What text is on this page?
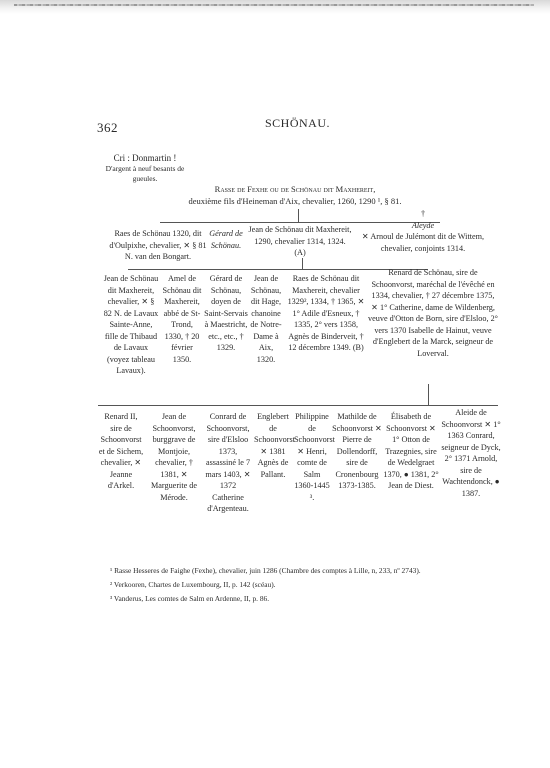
362	SCHÖNAU.
Cri : Donmartin !
D'argent à neuf besants de gueules.
Rasse de Fexhe ou de Schönau dit Maxhereit,
deuxième fils d'Heineman d'Aix, chevalier, 1260, 1290 ¹, § 81.
Raes de Schönau 1320, dit d'Oulpixhe, chevalier, ✕ § 81 N. van den Bongart.
Gérard de Schönau.
Jean de Schönau dit Maxhereit, 1290, chevalier 1314, 1324. (A)
†
Aleyde
✕ Arnoul de Julémont dit de Wittem, chevalier, conjoints 1314.
Jean de Schönau dit Maxhereit, chevalier, ✕ § 82 N. de Lavaux Sainte-Anne, fille de Thibaud de Lavaux (voyez tableau Lavaux).
Amel de Schönau dit Maxhereit, abbé de St-Trond, 1330, † 20 février 1350.
Gérard de Schönau, doyen de Saint-Servais à Maestricht, etc., etc., † 1329.
Jean de Schönau, dit Hage, chanoine de Notre-Dame à Aix, 1320.
Raes de Schönau dit Maxhereit, chevalier 1329², 1334, † 1365, ✕ 1° Adile d'Esneux, † 1335, 2° vers 1358, Agnès de Binderveit, † 12 décembre 1349. (B)
Renard de Schönau, sire de Schoonvorst, maréchal de l'évêché en 1334, chevalier, † 27 décembre 1375, ✕ 1° Catherine, dame de Wildenberg, veuve d'Otton de Born, sire d'Elsloo, 2° vers 1370 Isabelle de Hainut, veuve d'Englebert de la Marck, seigneur de Loverval.
Renard II, sire de Schoonvorst et de Sichem, chevalier, ✕ Jeanne d'Arkel.
Jean de Schoonvorst, burggrave de Montjoie, chevalier, † 1381, ✕ Marguerite de Mérode.
Conrard de Schoonvorst, sire d'Elsloo 1373, assassiné le 7 mars 1403, ✕ 1372 Catherine d'Argenteau.
Englebert de Schoonvorst ✕ 1381 Agnès de Pallant.
Philippine de Schoonvorst ✕ Henri, comte de Salm 1360-1445 ³.
Mathilde de Schoonvorst ✕ Pierre de Dollendorff, sire de Cronenbourg 1373-1385.
Élisabeth de Schoonvorst ✕ 1° Otton de Trazegnies, sire de Wedelgraet 1370, ● 1381, 2° Jean de Diest.
Aleide de Schoonvorst ✕ 1° 1363 Conrard, seigneur de Dyck, 2° 1371 Arnold, sire de Wachtendonck, ● 1387.
¹ Rasse Hesseres de Faighe (Fexhe), chevalier, juin 1286 (Chambre des comptes à Lille, n, 233, nº 2743).
² Verkooren, Chartes de Luxembourg, II, p. 142 (scéau).
³ Vanderus, Les comtes de Salm en Ardenne, II, p. 86.
